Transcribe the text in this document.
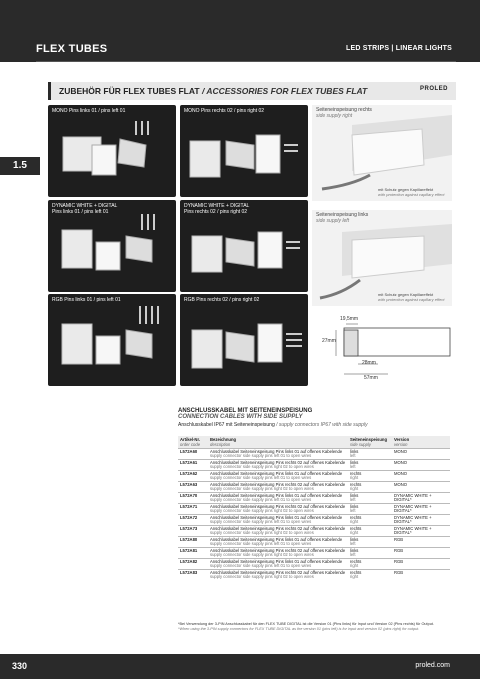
FLEX TUBES	LED STRIPS | LINEAR LIGHTS
1.5
ZUBEHÖR FÜR FLEX TUBES FLAT / ACCESSORIES FOR FLEX TUBES FLAT	PROLED
MONO Pins links 01 / pins left 01	MONO Pins rechts 02 / pins right 02
DYNAMIC WHITE + DIGITAL
Pins links 01 / pins left 01
DYNAMIC WHITE + DIGITAL
Pins rechts 02 / pins right 02
RGB Pins links 01 / pins left 01	RGB Pins rechts 02 / pins right 02
Seiteneinspeisung rechts
side supply right
mit Schutz gegen Kapillareffekt
with protection against capillary effect
Seiteneinspeisung links
side supply left
mit Schutz gegen Kapillareffekt
with protection against capillary effect
19,5mm
27mm
28mm
57mm
ANSCHLUSSKABEL MIT SEITENEINSPEISUNG
CONNECTION CABLES WITH SIDE SUPPLY
Anschlusskabel IP67 mit Seiteneinspeisung / supply connectors IP67 with side supply
Artikel-Nr.
order code	Bezeichnung
description	Seiteneinspeisung
side supply	Version
version
L572A60	Anschlusskabel Seiteneinspeisung Pins links 01 auf offenes Kabelende
supply connector side supply pins left 01 to open wires	links
left	MONO
L572A61	Anschlusskabel Seiteneinspeisung Pins rechts 02 auf offenes Kabelende
supply connector side supply pins right 02 to open wires	links
left	MONO
L572A62	Anschlusskabel Seiteneinspeisung Pins links 01 auf offenes Kabelende
supply connector side supply pins left 01 to open wires	rechts
right	MONO
L572A63	Anschlusskabel Seiteneinspeisung Pins rechts 02 auf offenes Kabelende
supply connector side supply pins right 02 to open wires	rechts
right	MONO
L572A70	Anschlusskabel Seiteneinspeisung Pins links 01 auf offenes Kabelende
supply connector side supply pins left 01 to open wires	links
left	DYNAMIC WHITE + DIGITAL*
L572A71	Anschlusskabel Seiteneinspeisung Pins rechts 02 auf offenes Kabelende
supply connector side supply pins right 02 to open wires	links
left	DYNAMIC WHITE + DIGITAL*
L572A72	Anschlusskabel Seiteneinspeisung Pins links 01 auf offenes Kabelende
supply connector side supply pins left 01 to open wires	rechts
right	DYNAMIC WHITE + DIGITAL*
L572A73	Anschlusskabel Seiteneinspeisung Pins rechts 02 auf offenes Kabelende
supply connector side supply pins right 02 to open wires	rechts
right	DYNAMIC WHITE + DIGITAL*
L572A80	Anschlusskabel Seiteneinspeisung Pins links 01 auf offenes Kabelende
supply connector side supply pins left 01 to open wires	links
left	RGB
L572A81	Anschlusskabel Seiteneinspeisung Pins rechts 02 auf offenes Kabelende
supply connector side supply pins right 02 to open wires	links
left	RGB
L572A82	Anschlusskabel Seiteneinspeisung Pins links 01 auf offenes Kabelende
supply connector side supply pins left 01 to open wires	rechts
right	RGB
L572A83	Anschlusskabel Seiteneinspeisung Pins rechts 02 auf offenes Kabelende
supply connector side supply pins right 02 to open wires	rechts
right	RGB
*Bei Verwendung der 3-PIN Anschlusskabel für den FLEX TUBE DIGITAL ist die Version 01 (Pins links) für Input und Version 02 (Pins rechts) für Output.
*When using the 3-PIN supply connectors for FLEX TUBE DIGITAL as the version 01 (pins left) is for input and version 02 (pins right) for output.
330	proled.com
